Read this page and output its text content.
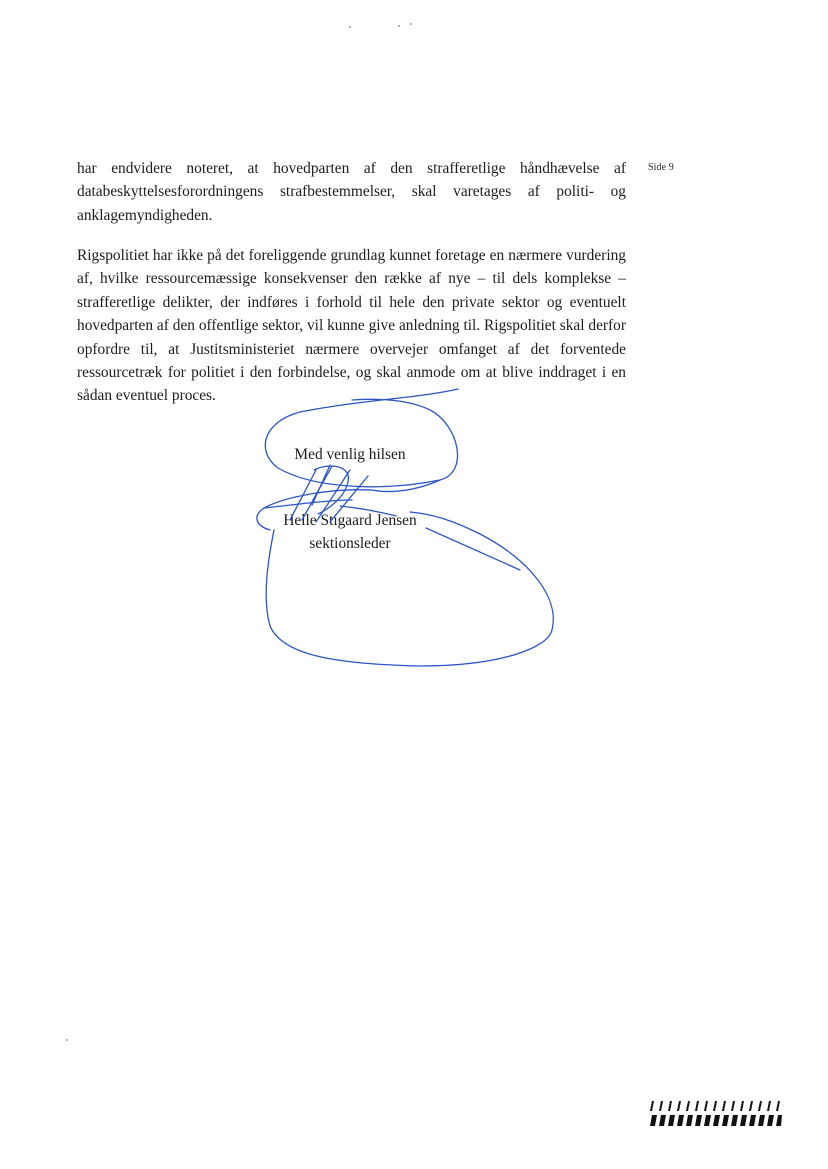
Side 9

har endvidere noteret, at hovedparten af den strafferetlige håndhævelse af databeskyttelsesforordningens strafbestemmelser, skal varetages af politi- og anklagemyndigheden.

Rigspolitiet har ikke på det foreliggende grundlag kunnet foretage en nærmere vurdering af, hvilke ressourcemæssige konsekvenser den række af nye – til dels komplekse – strafferetlige delikter, der indføres i forhold til hele den private sektor og eventuelt hovedparten af den offentlige sektor, vil kunne give anledning til. Rigspolitiet skal derfor opfordre til, at Justitsministeriet nærmere overvejer omfanget af det forventede ressourcetræk for politiet i den forbindelse, og skal anmode om at blive inddraget i en sådan eventuel proces.

Med venlig hilsen
Helle Stigaard Jensen
sektionsleder
